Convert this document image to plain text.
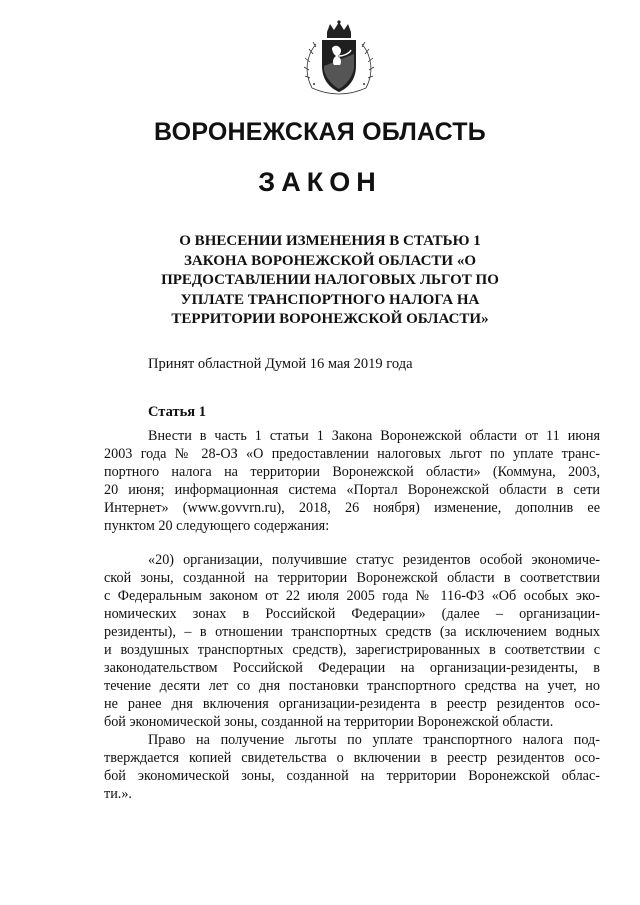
ВОРОНЕЖСКАЯ ОБЛАСТЬ
ЗАКОН
О ВНЕСЕНИИ ИЗМЕНЕНИЯ В СТАТЬЮ 1
ЗАКОНА ВОРОНЕЖСКОЙ ОБЛАСТИ «О
ПРЕДОСТАВЛЕНИИ НАЛОГОВЫХ ЛЬГОТ ПО
УПЛАТЕ ТРАНСПОРТНОГО НАЛОГА НА
ТЕРРИТОРИИ ВОРОНЕЖСКОЙ ОБЛАСТИ»
Принят областной Думой 16 мая 2019 года
Статья 1
Внести в часть 1 статьи 1 Закона Воронежской области от 11 июня
2003 года № 28-ОЗ «О предоставлении налоговых льгот по уплате транс-
портного налога на территории Воронежской области» (Коммуна, 2003,
20 июня; информационная система «Портал Воронежской области в сети
Интернет» (www.govvrn.ru), 2018, 26 ноября) изменение, дополнив ее
пунктом 20 следующего содержания:
«20) организации, получившие статус резидентов особой экономиче-
ской зоны, созданной на территории Воронежской области в соответствии
с Федеральным законом от 22 июля 2005 года № 116-ФЗ «Об особых эко-
номических зонах в Российской Федерации» (далее – организации-
резиденты), – в отношении транспортных средств (за исключением водных
и воздушных транспортных средств), зарегистрированных в соответствии с
законодательством Российской Федерации на организации-резиденты, в
течение десяти лет со дня постановки транспортного средства на учет, но
не ранее дня включения организации-резидента в реестр резидентов осо-
бой экономической зоны, созданной на территории Воронежской области.
Право на получение льготы по уплате транспортного налога под-
тверждается копией свидетельства о включении в реестр резидентов осо-
бой экономической зоны, созданной на территории Воронежской облас-
ти.».
